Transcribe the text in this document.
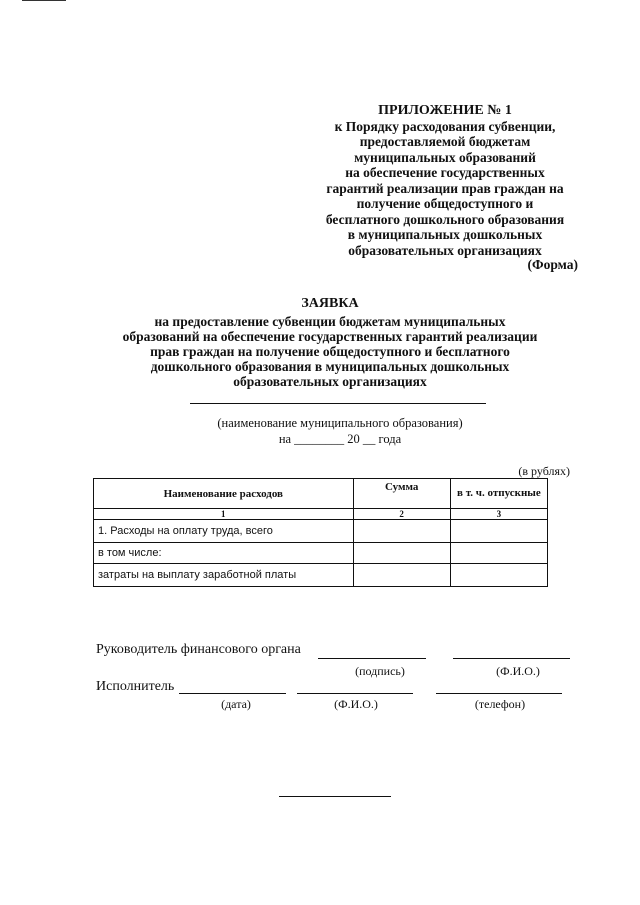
ПРИЛОЖЕНИЕ № 1
к Порядку расходования субвенции,
предоставляемой бюджетам
муниципальных образований
на обеспечение государственных
гарантий реализации прав граждан на
получение общедоступного и
бесплатного дошкольного образования
в муниципальных дошкольных
образовательных организациях
(Форма)
ЗАЯВКА
на предоставление субвенции бюджетам муниципальных
образований на обеспечение государственных гарантий реализации
прав граждан на получение общедоступного и бесплатного
дошкольного образования в муниципальных дошкольных
образовательных организациях
(наименование муниципального образования)
на ________ 20 __ года
(в рублях)
Наименование расходов	Сумма	в т. ч. отпускные
1	2	3
1. Расходы на оплату труда, всего		
в том числе:		
затраты на выплату заработной платы		
Руководитель финансового органа
(подпись)	(Ф.И.О.)
Исполнитель
(дата)	(Ф.И.О.)	(телефон)
